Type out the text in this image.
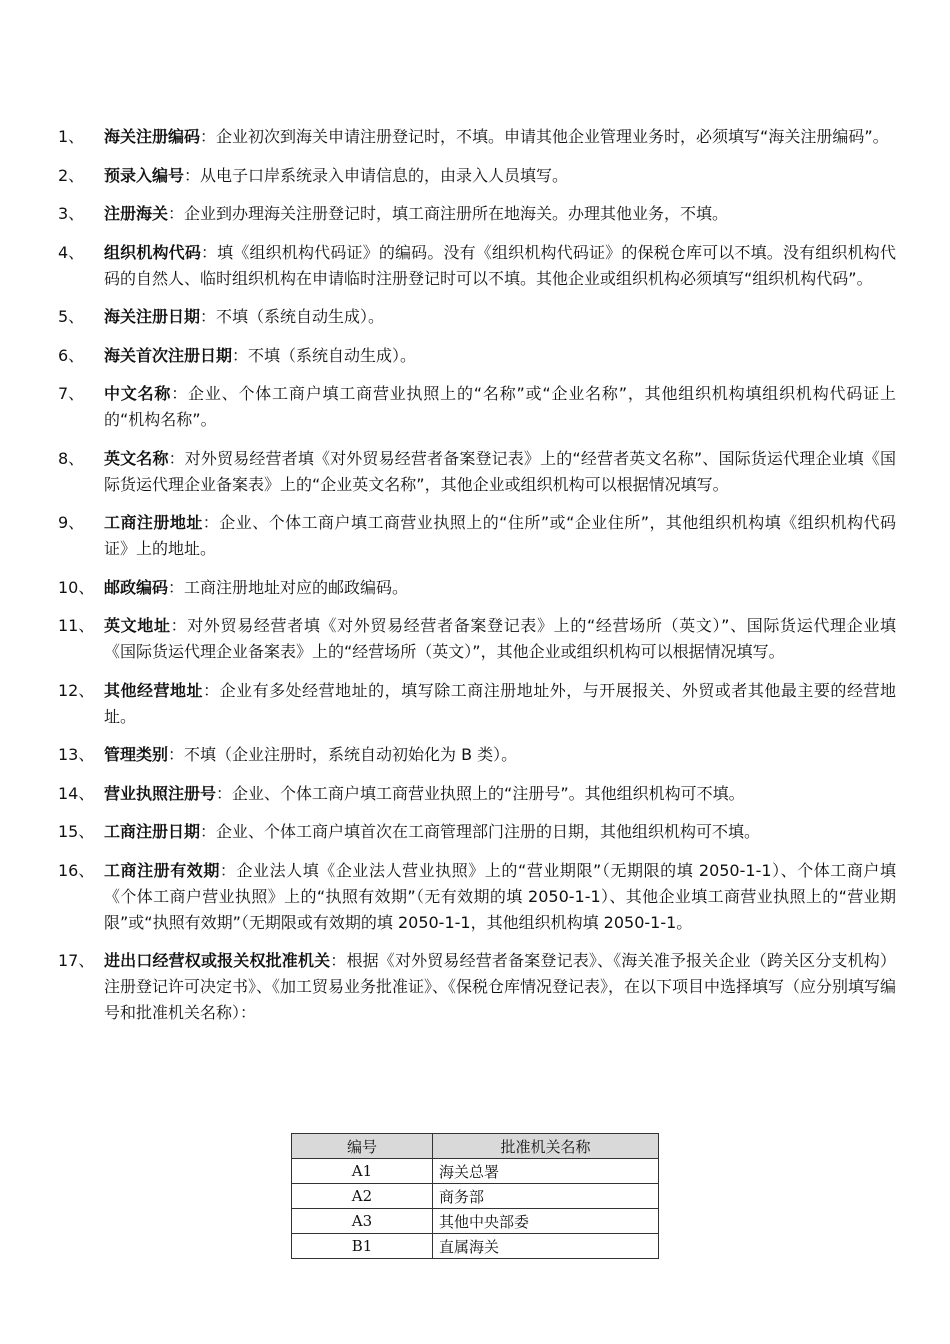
1、	海关注册编码：企业初次到海关申请注册登记时，不填。申请其他企业管理业务时，必须填写“海关注册编码”。
2、	预录入编号：从电子口岸系统录入申请信息的，由录入人员填写。
3、	注册海关：企业到办理海关注册登记时，填工商注册所在地海关。办理其他业务，不填。
4、	组织机构代码：填《组织机构代码证》的编码。没有《组织机构代码证》的保税仓库可以不填。没有组织机构代码的自然人、临时组织机构在申请临时注册登记时可以不填。其他企业或组织机构必须填写“组织机构代码”。
5、	海关注册日期：不填（系统自动生成）。
6、	海关首次注册日期：不填（系统自动生成）。
7、	中文名称：企业、个体工商户填工商营业执照上的“名称”或“企业名称”，其他组织机构填组织机构代码证上的“机构名称”。
8、	英文名称：对外贸易经营者填《对外贸易经营者备案登记表》上的“经营者英文名称”、国际货运代理企业填《国际货运代理企业备案表》上的“企业英文名称”，其他企业或组织机构可以根据情况填写。
9、	工商注册地址：企业、个体工商户填工商营业执照上的“住所”或“企业住所”，其他组织机构填《组织机构代码证》上的地址。
10、 邮政编码：工商注册地址对应的邮政编码。
11、 英文地址：对外贸易经营者填《对外贸易经营者备案登记表》上的“经营场所（英文）”、国际货运代理企业填《国际货运代理企业备案表》上的“经营场所（英文）”，其他企业或组织机构可以根据情况填写。
12、 其他经营地址：企业有多处经营地址的，填写除工商注册地址外，与开展报关、外贸或者其他最主要的经营地址。
13、 管理类别：不填（企业注册时，系统自动初始化为 B 类）。
14、 营业执照注册号：企业、个体工商户填工商营业执照上的“注册号”。其他组织机构可不填。
15、 工商注册日期：企业、个体工商户填首次在工商管理部门注册的日期，其他组织机构可不填。
16、 工商注册有效期：企业法人填《企业法人营业执照》上的“营业期限”（无期限的填 2050-1-1）、个体工商户填《个体工商户营业执照》上的“执照有效期”（无有效期的填 2050-1-1）、其他企业填工商营业执照上的“营业期限”或“执照有效期”（无期限或有效期的填 2050-1-1，其他组织机构填 2050-1-1。
17、 进出口经营权或报关权批准机关：根据《对外贸易经营者备案登记表》、《海关准予报关企业（跨关区分支机构）注册登记许可决定书》、《加工贸易业务批准证》、《保税仓库情况登记表》，在以下项目中选择填写（应分别填写编号和批准机关名称）：
编号	批准机关名称
A1	海关总署
A2	商务部
A3	其他中央部委
B1	直属海关
